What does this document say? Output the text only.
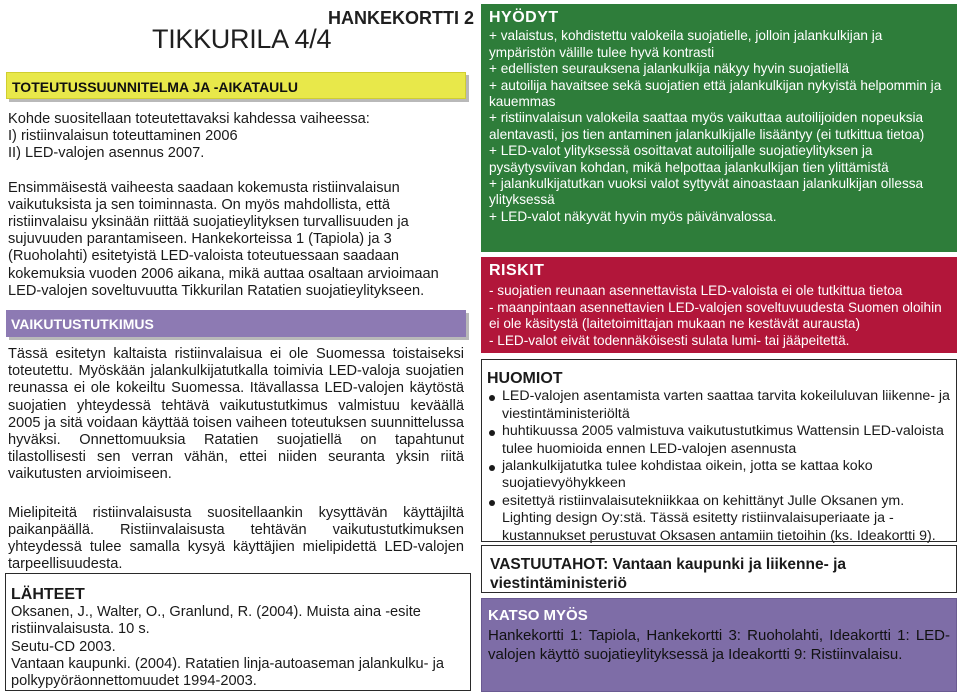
HANKEKORTTI 2
TIKKURILA 4/4
TOTEUTUSSUUNNITELMA JA -AIKATAULU

Kohde suositellaan toteutettavaksi kahdessa vaiheessa:

I) ristiinvalaisun toteuttaminen 2006

II) LED-valojen asennus 2007.

Ensimmäisestä vaiheesta saadaan kokemusta ristiinvalaisun vaikutuksista ja sen toiminnasta. On myös mahdollista, että ristiinvalaisu yksinään riittää suojatieylityksen turvallisuuden ja sujuvuuden parantamiseen. Hankekorteissa 1 (Tapiola) ja 3 (Ruoholahti) esitetyistä LED-valoista toteutuessaan saadaan kokemuksia vuoden 2006 aikana, mikä auttaa osaltaan arvioimaan LED-valojen soveltuvuutta Tikkurilan Ratatien suojatieylitykseen.

VAIKUTUSTUTKIMUS

Tässä esitetyn kaltaista ristiinvalaisua ei ole Suomessa toistaiseksi toteutettu. Myöskään jalankulkijatutkalla toimivia LED-valoja suojatien reunassa ei ole kokeiltu Suomessa. Itävallassa LED-valojen käytöstä suojatien yhteydessä tehtävä vaikutustutkimus valmistuu keväällä 2005 ja sitä voidaan käyttää toisen vaiheen toteutuksen suunnittelussa hyväksi. Onnettomuuksia Ratatien suojatiellä on tapahtunut tilastollisesti sen verran vähän, ettei niiden seuranta yksin riitä vaikutusten arvioimiseen.

Mielipiteitä ristiinvalaisusta suositellaankin kysyttävän käyttäjiltä paikanpäällä. Ristiinvalaisusta tehtävän vaikutustutkimuksen yhteydessä tulee samalla kysyä käyttäjien mielipidettä LED-valojen tarpeellisuudesta.

LÄHTEET

Oksanen, J., Walter, O., Granlund, R. (2004). Muista aina -esite ristiinvalaisusta. 10 s.

Seutu-CD 2003.

Vantaan kaupunki. (2004). Ratatien linja-autoaseman jalankulku- ja polkypyöräonnettomuudet 1994-2003.

HYÖDYT

+ valaistus, kohdistettu valokeila suojatielle, jolloin jalankulkijan ja ympäristön välille tulee hyvä kontrasti

+ edellisten seurauksena jalankulkija näkyy hyvin suojatiellä

+ autoilija havaitsee sekä suojatien että jalankulkijan nykyistä helpommin ja kauemmas

+ ristiinvalaisun valokeila saattaa myös vaikuttaa autoilijoiden nopeuksia alentavasti, jos tien antaminen jalankulkijalle lisääntyy (ei tutkittua tietoa)

+ LED-valot ylityksessä osoittavat autoilijalle suojatieylityksen ja pysäytysviivan kohdan, mikä helpottaa jalankulkijan tien ylittämistä

+ jalankulkijatutkan vuoksi valot syttyvät ainoastaan jalankulkijan ollessa ylityksessä

+ LED-valot näkyvät hyvin myös päivänvalossa.

RISKIT

- suojatien reunaan asennettavista LED-valoista ei ole tutkittua tietoa

- maanpintaan asennettavien LED-valojen soveltuvuudesta Suomen oloihin ei ole käsitystä (laitetoimittajan mukaan ne kestävät aurausta)

- LED-valot eivät todennäköisesti sulata lumi- tai jääpeitettä.

HUOMIOT
LED-valojen asentamista varten saattaa tarvita kokeiluluvan liikenne- ja viestintäministeriöltä
huhtikuussa 2005 valmistuva vaikutustutkimus Wattensin LED-valoista tulee huomioida ennen LED-valojen asennusta
jalankulkijatutka tulee kohdistaa oikein, jotta se kattaa koko suojatievyöhykkeen
esitettyä ristiinvalaisutekniikkaa on kehittänyt Julle Oksanen ym. Lighting design Oy:stä. Tässä esitetty ristiinvalaisuperiaate ja -kustannukset perustuvat Oksasen antamiin tietoihin (ks. Ideakortti 9).
VASTUUTAHOT: Vantaan kaupunki ja liikenne- ja viestintäministeriö
KATSO MYÖS

Hankekortti 1: Tapiola, Hankekortti 3: Ruoholahti, Ideakortti 1: LED-valojen käyttö suojatieylityksessä ja Ideakortti 9: Ristiinvalaisu.
